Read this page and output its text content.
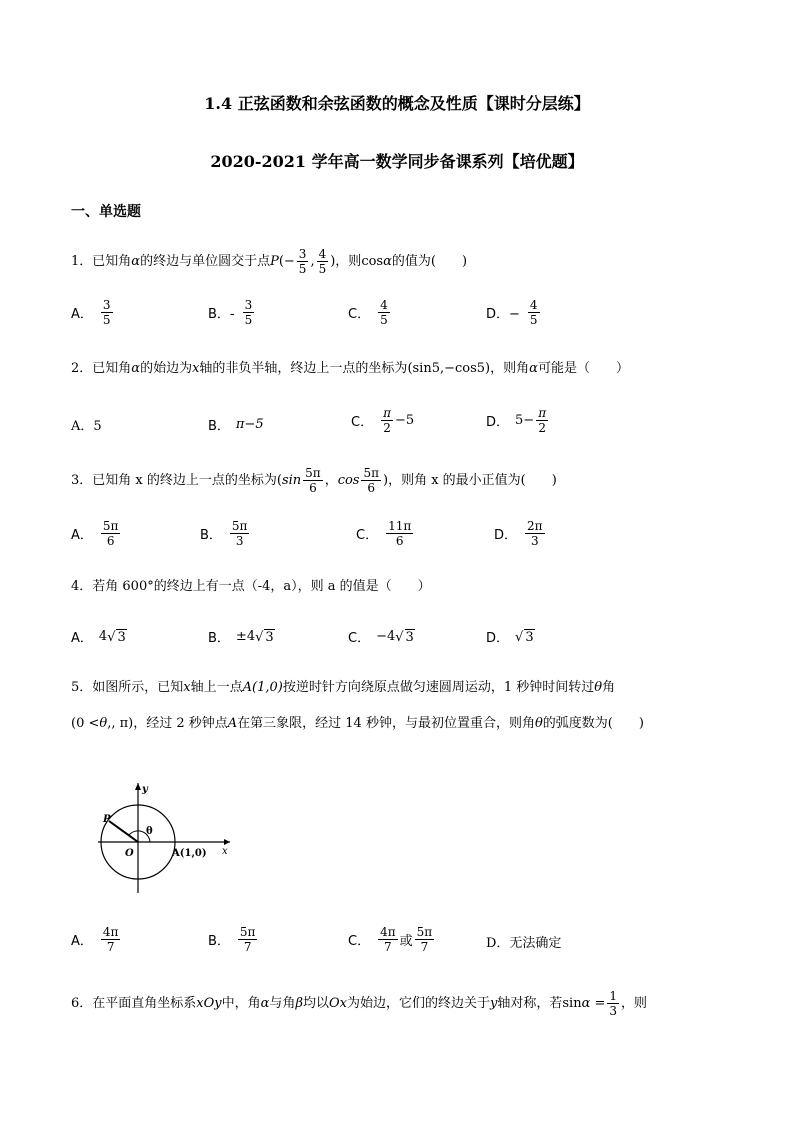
1.4 正弦函数和余弦函数的概念及性质【课时分层练】
2020-2021 学年高一数学同步备课系列【培优题】
一、单选题
1．已知角α的终边与单位圆交于点$P(- \frac{3}{5}$ , $\frac{4}{5}$ )，则cosα的值为(　　)
A． $\frac{3}{5}$	B．- $\frac{3}{5}$	C． $\frac{4}{5}$	D．− $\frac{4}{5}$
2．已知角α的始边为x轴的非负半轴，终边上一点的坐标为(sin5,−cos5)，则角α可能是（　　）
A．5	B． π−5	C． $\frac{\pi}{2} -5$	D． $5- \frac{\pi}{2}$
3．已知角 x 的终边上一点的坐标为($\sin \frac{5\pi}{6}$ ，$\cos \frac{5\pi}{6}$ )，则角 x 的最小正值为(　　)
A． $\frac{5\pi}{6}$	B． $\frac{5\pi}{3}$	C． $\frac{11\pi}{6}$	D． $\frac{2\pi}{3}$
4．若角 600°的终边上有一点（-4，a），则 a 的值是（　　）
A． 4 √ 3	B． ±4 √ 3	C． −4 √ 3	D． √ 3
5．如图所示，已知x轴上一点A(1,0)按逆时针方向绕原点做匀速圆周运动，1 秒钟时间转过θ角
(0 <θ,, π)，经过 2 秒钟点A在第三象限，经过 14 秒钟，与最初位置重合，则角θ的弧度数为(　　)
P
O	A(1,0) x
y
θ
A． $\frac{4\pi}{7}$	B． $\frac{5\pi}{7}$	C． $\frac{4\pi}{7}$ 或 $\frac{5\pi}{7}$	D．无法确定
6．在平面直角坐标系xOy中，角α与角β均以Ox为始边，它们的终边关于y轴对称，若$\sin\alpha = \frac{1}{3}$ ，则
